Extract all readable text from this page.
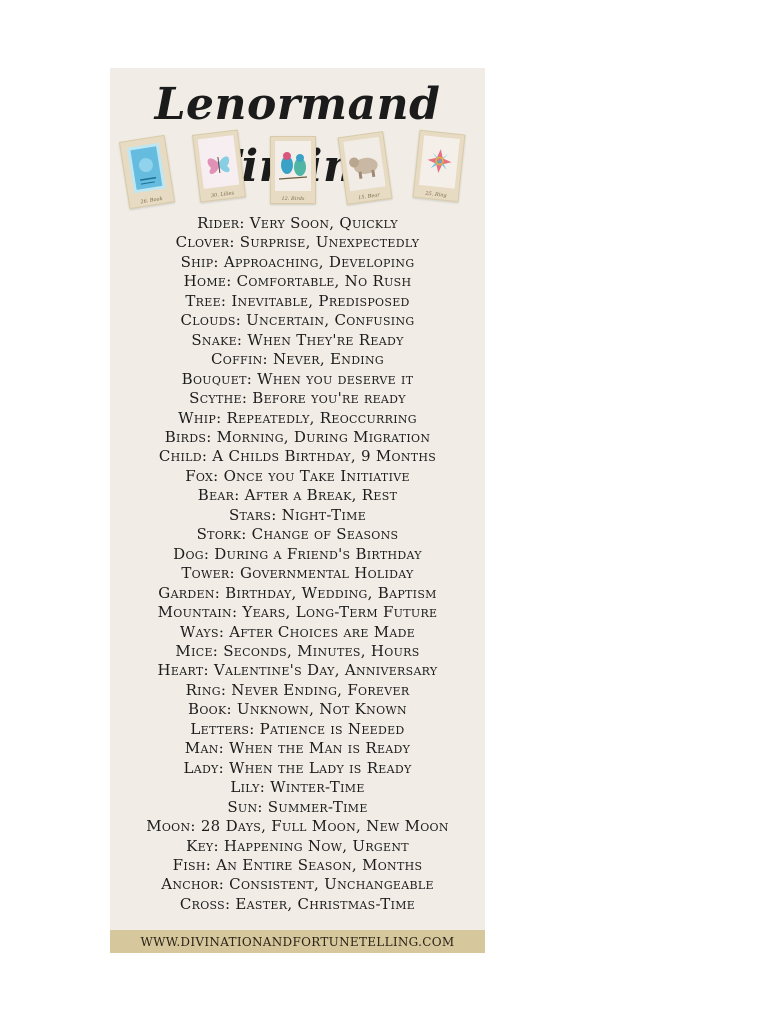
Lenormand
26. Book
30. Lilies	12. Birds	15. Bear	25. Ring
Rider: Very Soon, Quickly
Clover: Surprise, Unexpectedly
Ship: Approaching, Developing
Home: Comfortable, No Rush
Tree: Inevitable, Predisposed
Clouds: Uncertain, Confusing
Snake: When They're Ready
Coffin: Never, Ending
Bouquet: When you deserve it
Scythe: Before you're ready
Whip: Repeatedly, Reoccurring
Birds: Morning, During Migration
Child: A Childs Birthday, 9 Months
Fox: Once you Take Initiative
Bear: After a Break, Rest
Stars: Night-Time
Stork: Change of Seasons
Dog: During a Friend's Birthday
Tower: Governmental Holiday
Garden: Birthday, Wedding, Baptism
Mountain: Years, Long-Term Future
Ways: After Choices are Made
Mice: Seconds, Minutes, Hours
Heart: Valentine's Day, Anniversary
Ring: Never Ending, Forever
Book: Unknown, Not Known
Letters: Patience is Needed
Man: When the Man is Ready
Lady: When the Lady is Ready
Lily: Winter-Time
Sun: Summer-Time
Moon: 28 Days, Full Moon, New Moon
Key: Happening Now, Urgent
Fish: An Entire Season, Months
Anchor: Consistent, Unchangeable
Cross: Easter, Christmas-Time
WWW.DIVINATIONANDFORTUNETELLING.COM
